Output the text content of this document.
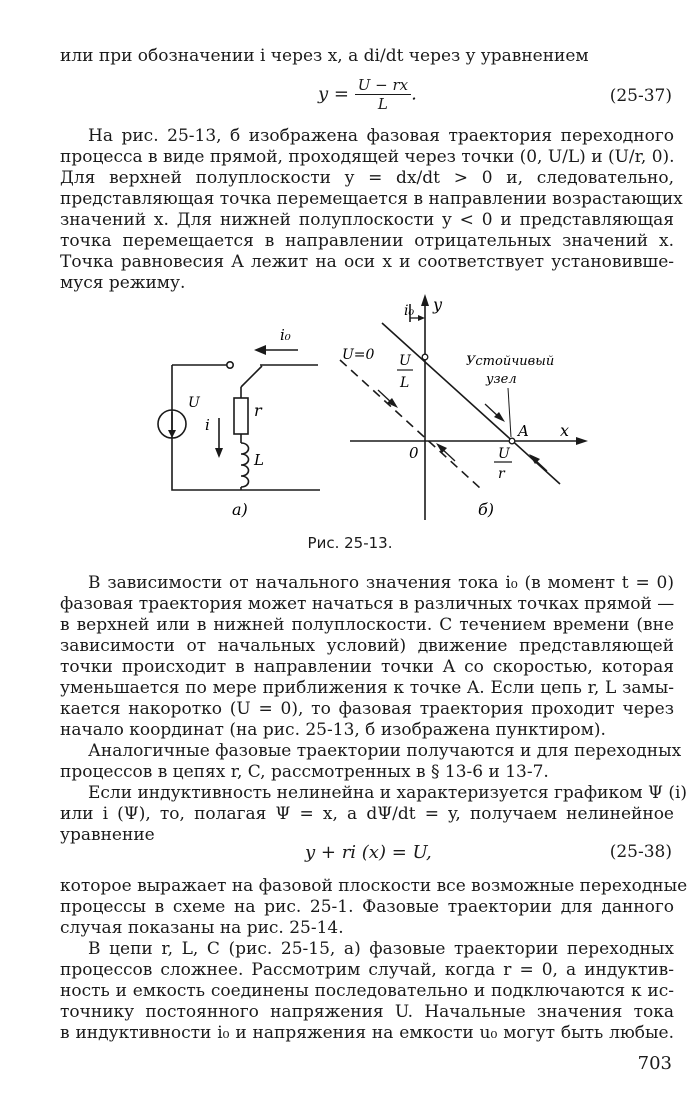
или при обозначении i через x, а di/dt через y уравнением
$y = \frac{U - rx}{L}$ .	(25-37)
На рис. 25-13, б изображена фазовая траектория переходного
процесса в виде прямой, проходящей через точки (0, U/L) и (U/r, 0).
Для верхней полуплоскости y = dx/dt > 0 и, следовательно,
представляющая точка перемещается в направлении возрастающих
значений x. Для нижней полуплоскости y < 0 и представляющая
точка перемещается в направлении отрицательных значений x.
Точка равновесия A лежит на оси x и соответствует установивше-
муся режиму.
i₀
U
i
r
L
а)
i₀ y
x
U=0 U
L
Устойчивый
узел
A
0	U
r
б)
Рис. 25-13.
В зависимости от начального значения тока i₀ (в момент t = 0)
фазовая траектория может начаться в различных точках прямой —
в верхней или в нижней полуплоскости. С течением времени (вне
зависимости от начальных условий) движение представляющей
точки происходит в направлении точки A со скоростью, которая
уменьшается по мере приближения к точке A. Если цепь r, L замы-
кается накоротко (U = 0), то фазовая траектория проходит через
начало координат (на рис. 25-13, б изображена пунктиром).
Аналогичные фазовые траектории получаются и для переходных
процессов в цепях r, C, рассмотренных в § 13-6 и 13-7.
Если индуктивность нелинейна и характеризуется графиком Ψ (i)
или i (Ψ), то, полагая Ψ = x, а dΨ/dt = y, получаем нелинейное
уравнение
y + ri (x) = U,	(25-38)
которое выражает на фазовой плоскости все возможные переходные
процессы в схеме на рис. 25-1. Фазовые траектории для данного
случая показаны на рис. 25-14.
В цепи r, L, C (рис. 25-15, а) фазовые траектории переходных
процессов сложнее. Рассмотрим случай, когда r = 0, а индуктив-
ность и емкость соединены последовательно и подключаются к ис-
точнику постоянного напряжения U. Начальные значения тока
в индуктивности i₀ и напряжения на емкости u₀ могут быть любые.
703
